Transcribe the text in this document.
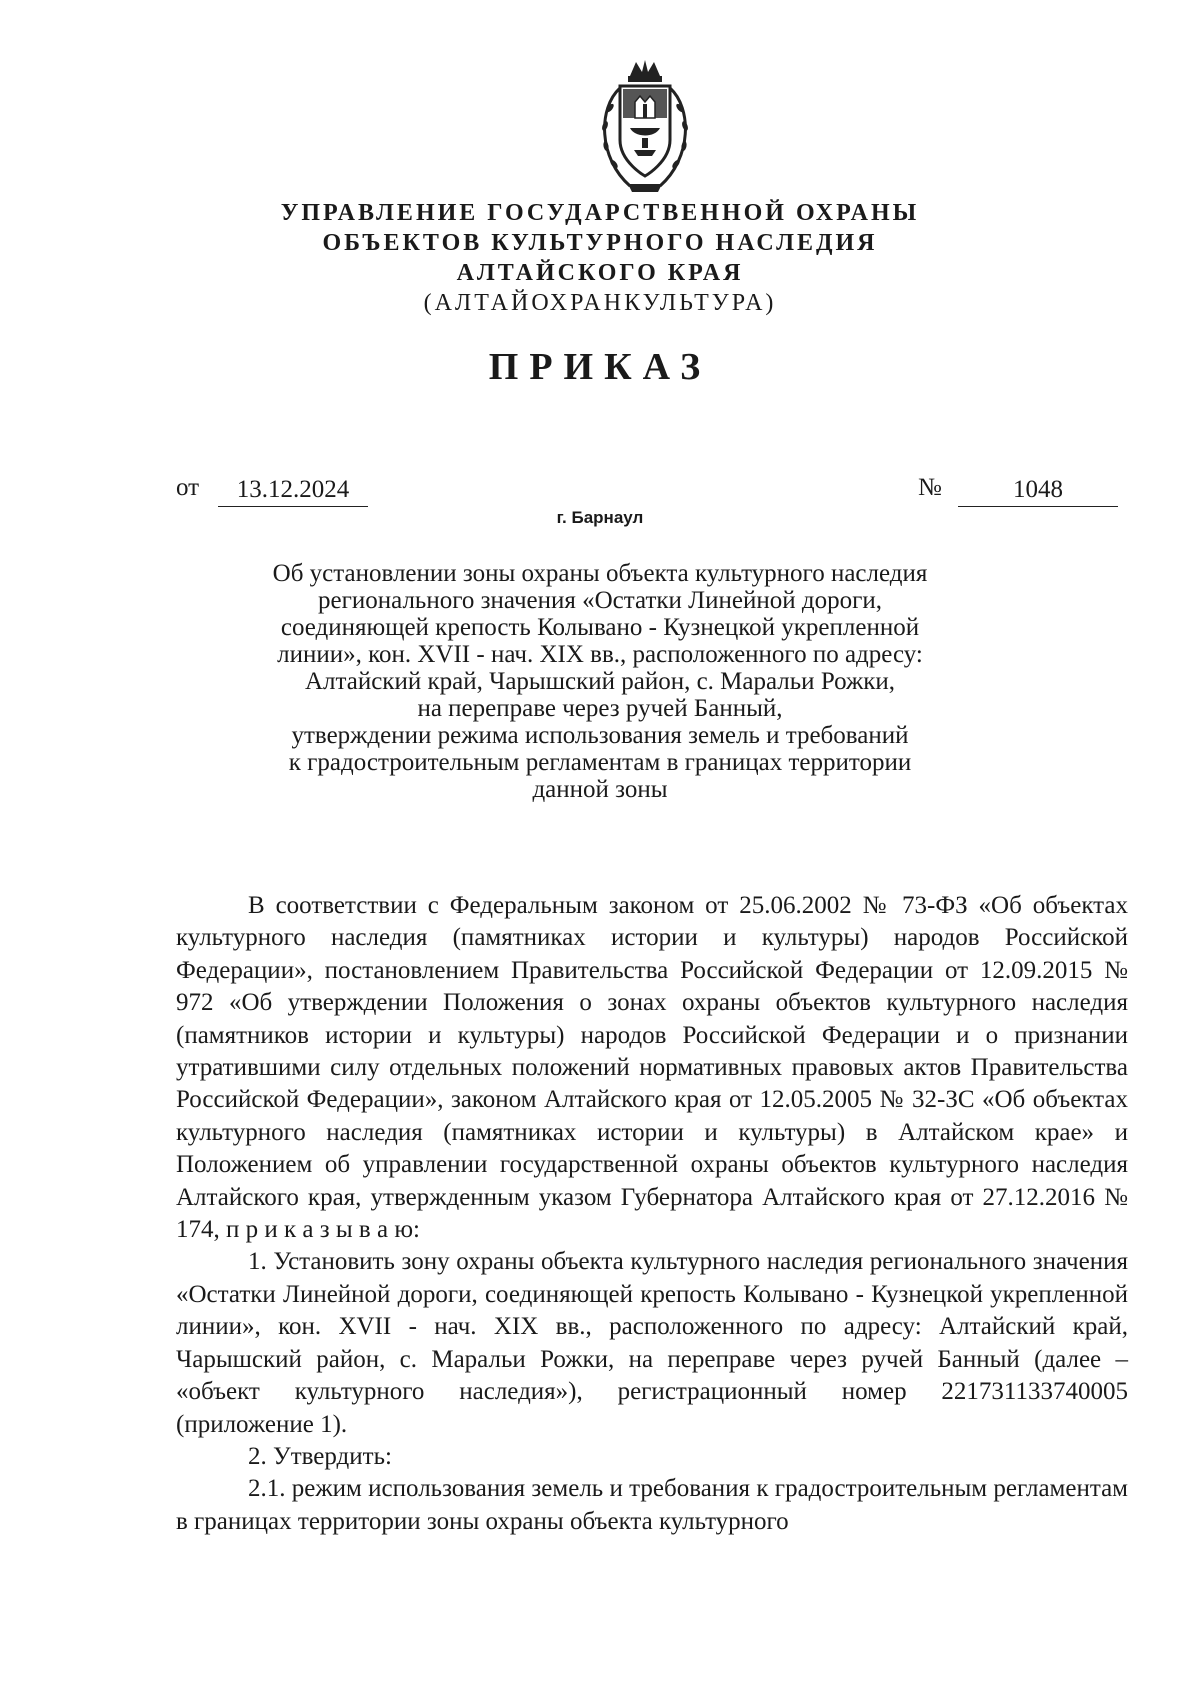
УПРАВЛЕНИЕ ГОСУДАРСТВЕННОЙ ОХРАНЫ
ОБЪЕКТОВ КУЛЬТУРНОГО НАСЛЕДИЯ
АЛТАЙСКОГО КРАЯ
(АЛТАЙОХРАНКУЛЬТУРА)
ПРИКАЗ
от	13.12.2024	№	1048
г. Барнаул
Об установлении зоны охраны объекта культурного наследия
регионального значения «Остатки Линейной дороги,
соединяющей крепость Колывано - Кузнецкой укрепленной
линии», кон. XVII - нач. XIX вв., расположенного по адресу:
Алтайский край, Чарышский район, с. Маральи Рожки,
на переправе через ручей Банный,
утверждении режима использования земель и требований
к градостроительным регламентам в границах территории
данной зоны

В соответствии с Федеральным законом от 25.06.2002 № 73-ФЗ «Об объектах культурного наследия (памятниках истории и культуры) народов Российской Федерации», постановлением Правительства Российской Федерации от 12.09.2015 № 972 «Об утверждении Положения о зонах охраны объектов культурного наследия (памятников истории и культуры) народов Российской Федерации и о признании утратившими силу отдельных положений нормативных правовых актов Правительства Российской Федерации», законом Алтайского края от 12.05.2005 № 32-ЗС «Об объектах культурного наследия (памятниках истории и культуры) в Алтайском крае» и Положением об управлении государственной охраны объектов культурного наследия Алтайского края, утвержденным указом Губернатора Алтайского края от 27.12.2016 № 174, п р и к а з ы в а ю:

1. Установить зону охраны объекта культурного наследия регионального значения «Остатки Линейной дороги, соединяющей крепость Колывано - Кузнецкой укрепленной линии», кон. XVII - нач. XIX вв., расположенного по адресу: Алтайский край, Чарышский район, с. Маральи Рожки, на переправе через ручей Банный (далее – «объект культурного наследия»), регистрационный номер 221731133740005 (приложение 1).

2. Утвердить:

2.1. режим использования земель и требования к градостроительным регламентам в границах территории зоны охраны объекта культурного
